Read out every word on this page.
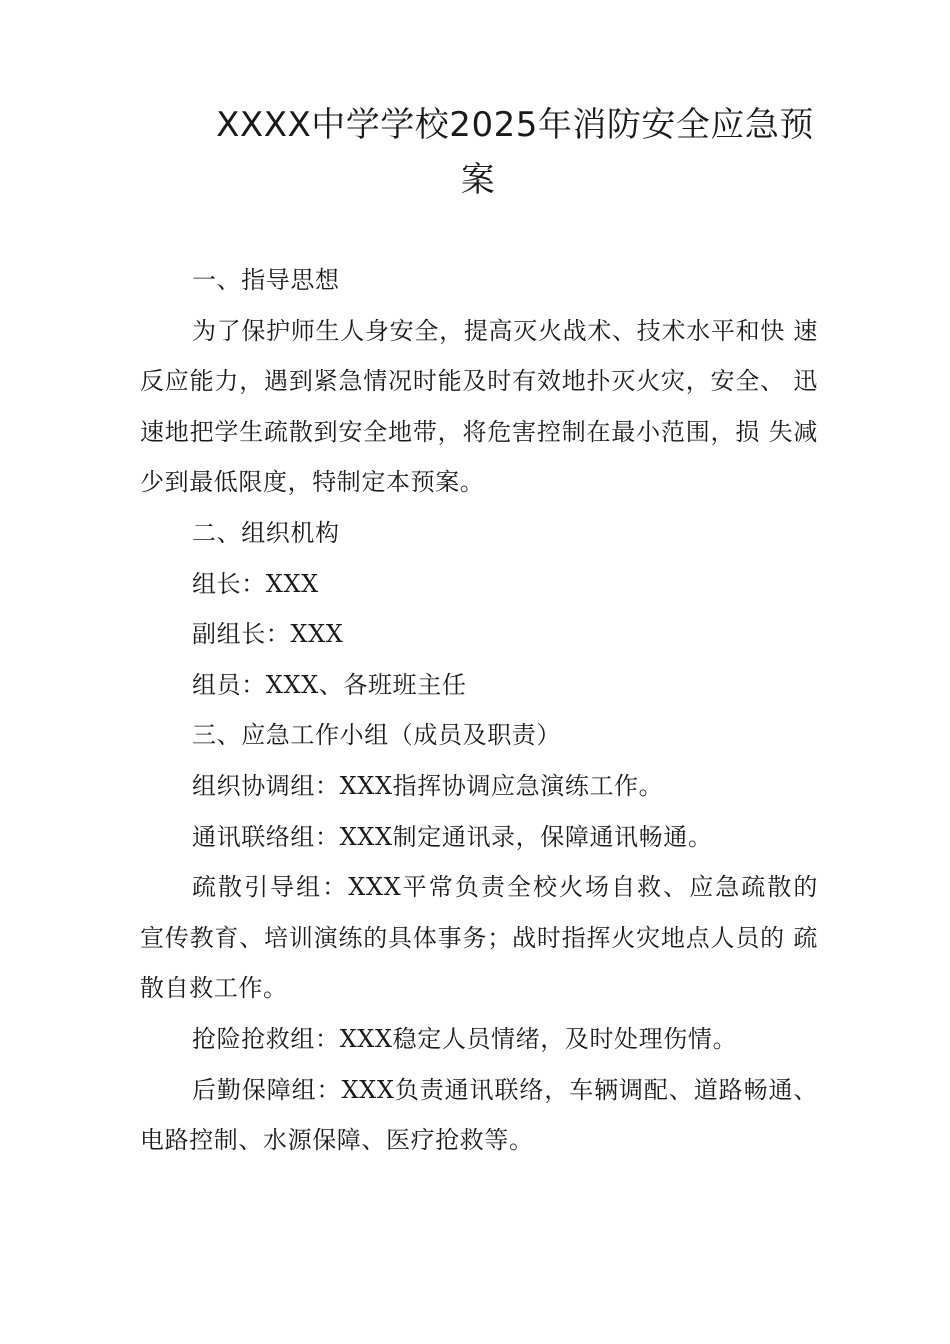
XXXX中学学校2025年消防安全应急预案

一、指导思想

为了保护师生人身安全，提高灭火战术、技术水平和快 速反应能力，遇到紧急情况时能及时有效地扑灭火灾，安全、 迅速地把学生疏散到安全地带，将危害控制在最小范围，损 失减少到最低限度，特制定本预案。

二、组织机构

组长：XXX

副组长：XXX

组员：XXX、各班班主任

三、应急工作小组（成员及职责）

组织协调组：XXX指挥协调应急演练工作。

通讯联络组：XXX制定通讯录，保障通讯畅通。

疏散引导组：XXX平常负责全校火场自救、应急疏散的 宣传教育、培训演练的具体事务；战时指挥火灾地点人员的 疏散自救工作。

抢险抢救组：XXX稳定人员情绪，及时处理伤情。

后勤保障组：XXX负责通讯联络，车辆调配、道路畅通、电路控制、水源保障、医疗抢救等。
